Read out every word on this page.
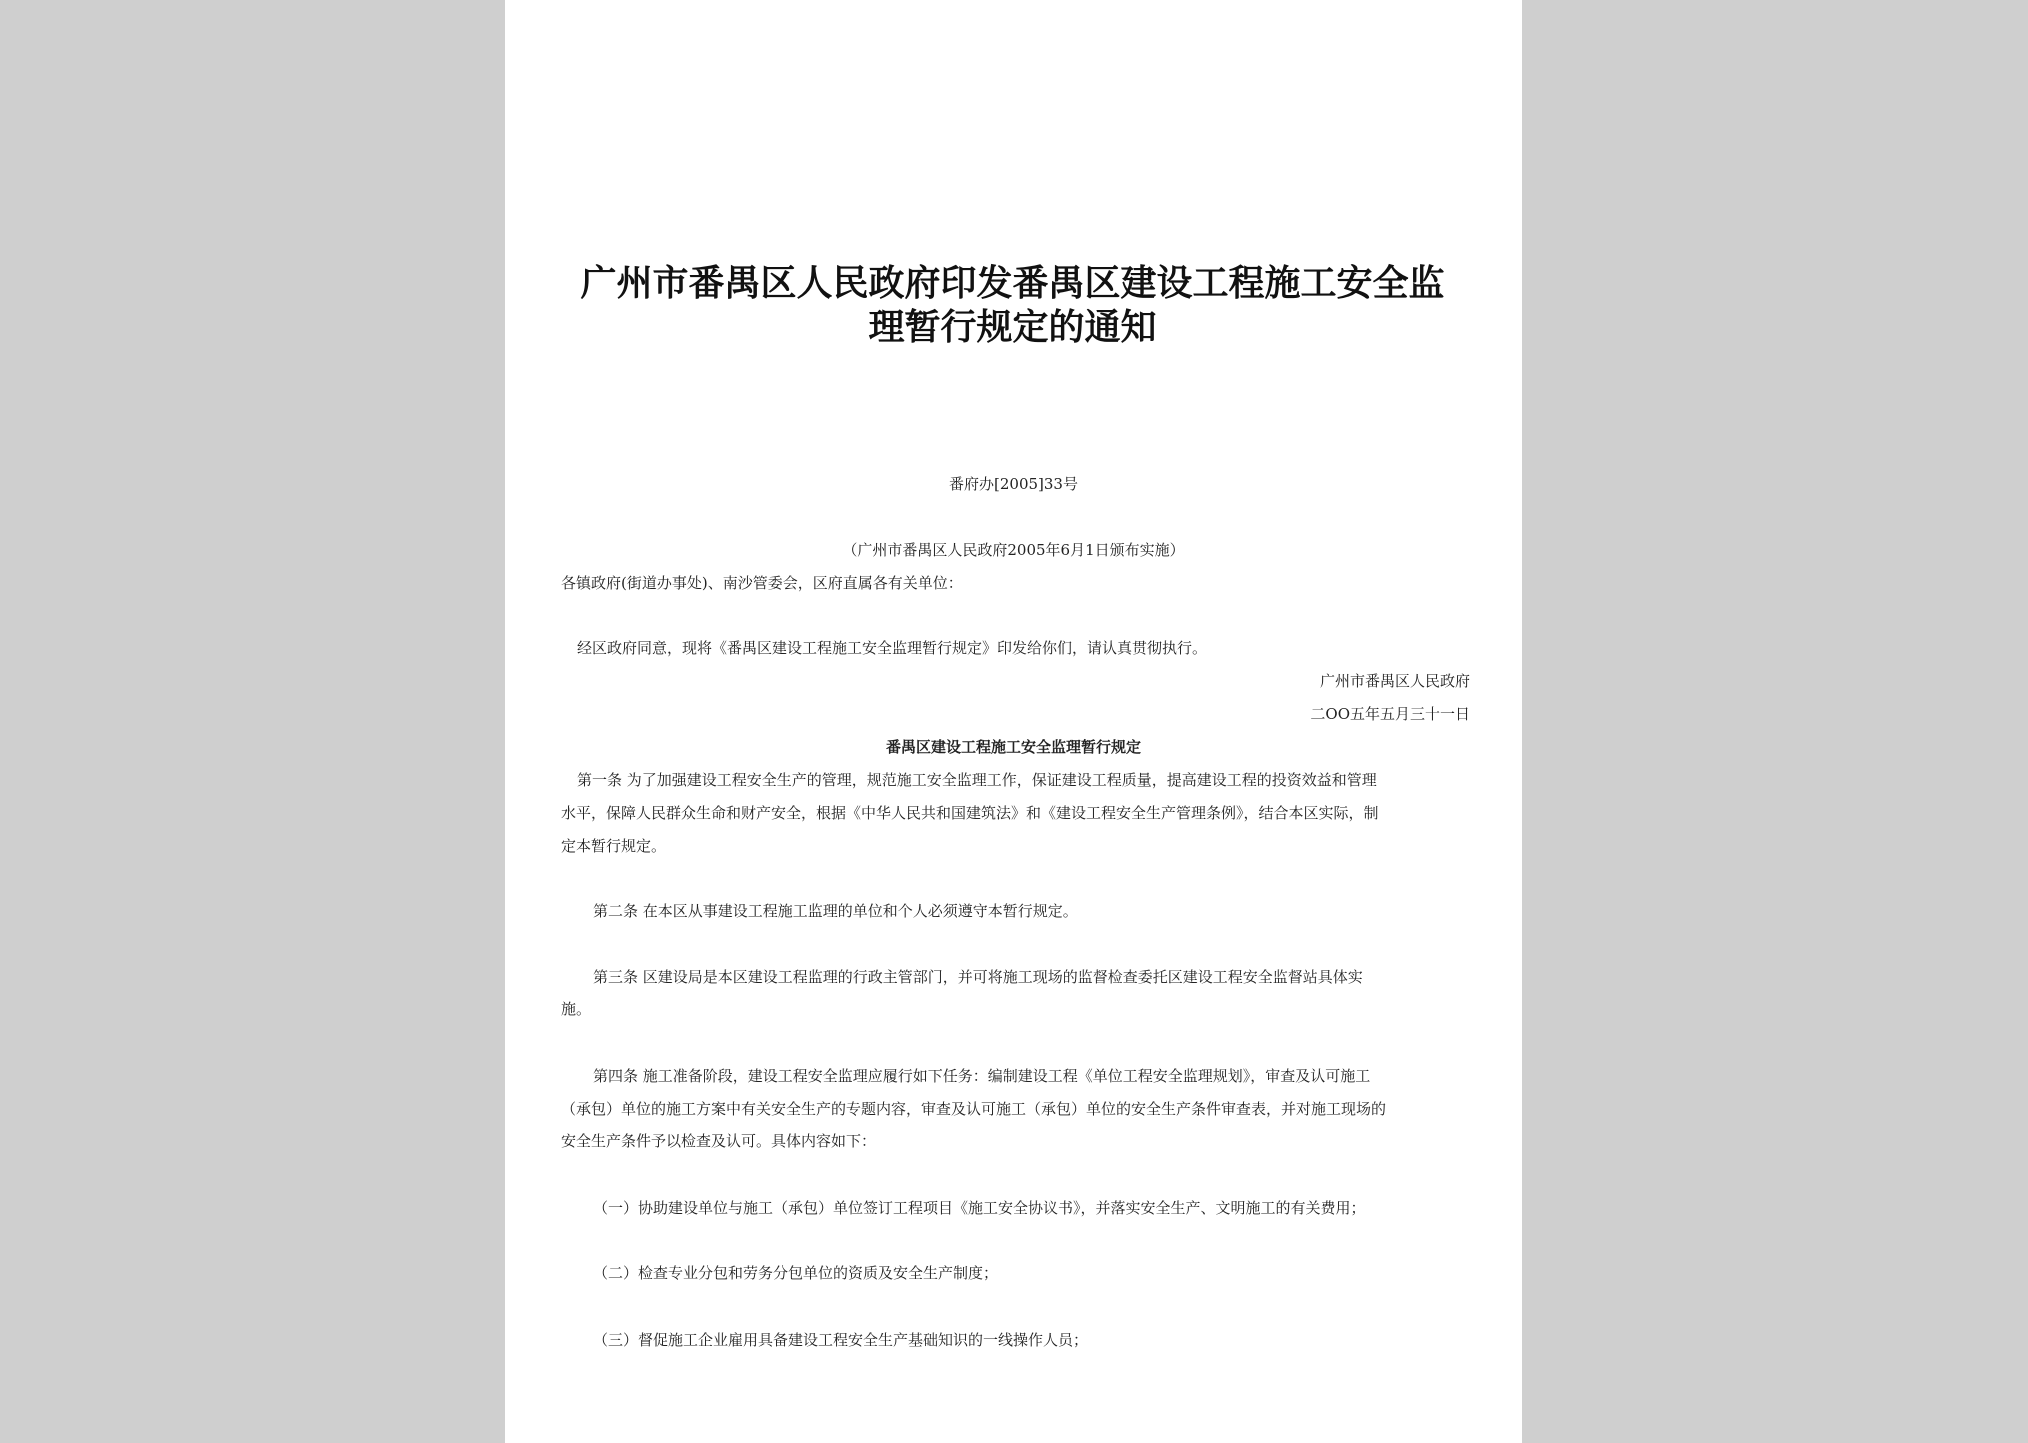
广州市番禺区人民政府印发番禺区建设工程施工安全监
理暂行规定的通知

番府办[2005]33号

（广州市番禺区人民政府2005年6月1日颁布实施）

各镇政府(街道办事处)、南沙管委会，区府直属各有关单位：

经区政府同意，现将《番禺区建设工程施工安全监理暂行规定》印发给你们，请认真贯彻执行。

广州市番禺区人民政府

二OO五年五月三十一日

番禺区建设工程施工安全监理暂行规定

第一条 为了加强建设工程安全生产的管理，规范施工安全监理工作，保证建设工程质量，提高建设工程的投资效益和管理

水平，保障人民群众生命和财产安全，根据《中华人民共和国建筑法》和《建设工程安全生产管理条例》，结合本区实际，制

定本暂行规定。

第二条 在本区从事建设工程施工监理的单位和个人必须遵守本暂行规定。

第三条 区建设局是本区建设工程监理的行政主管部门，并可将施工现场的监督检查委托区建设工程安全监督站具体实

施。

第四条 施工准备阶段，建设工程安全监理应履行如下任务：编制建设工程《单位工程安全监理规划》，审查及认可施工

（承包）单位的施工方案中有关安全生产的专题内容，审查及认可施工（承包）单位的安全生产条件审查表，并对施工现场的

安全生产条件予以检查及认可。具体内容如下：

（一）协助建设单位与施工（承包）单位签订工程项目《施工安全协议书》，并落实安全生产、文明施工的有关费用；

（二）检查专业分包和劳务分包单位的资质及安全生产制度；

（三）督促施工企业雇用具备建设工程安全生产基础知识的一线操作人员；
